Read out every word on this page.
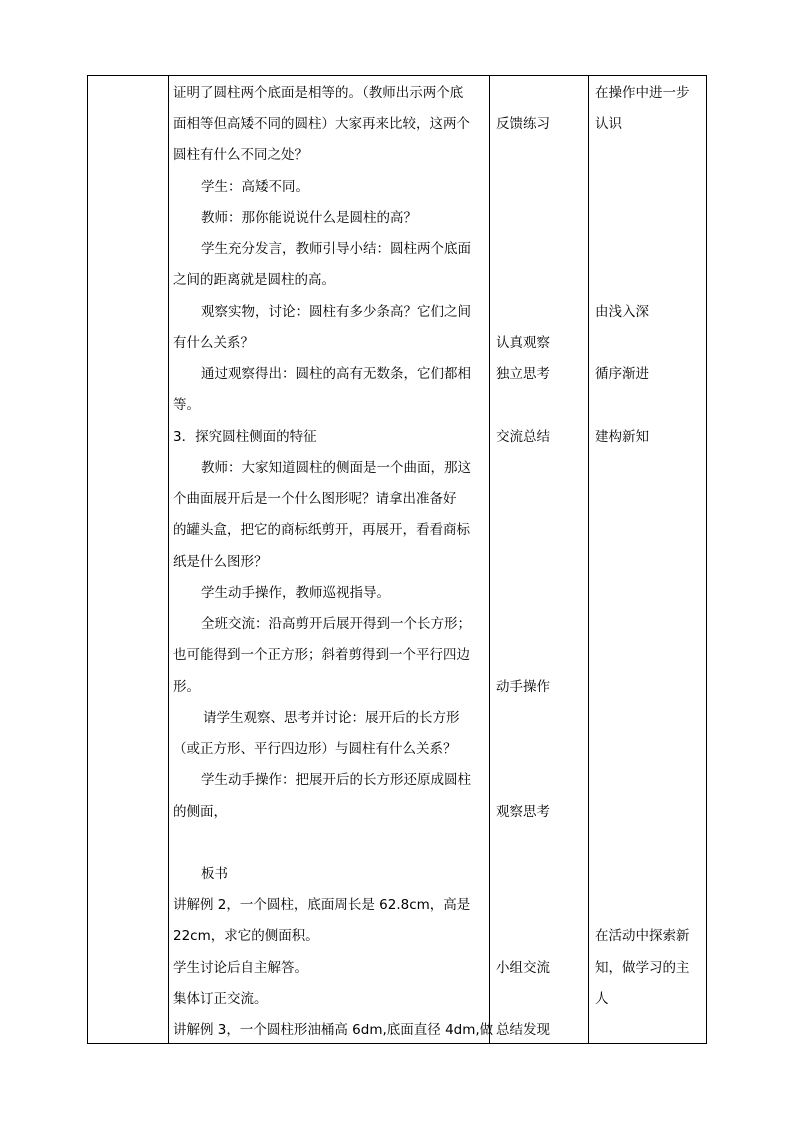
证明了圆柱两个底面是相等的。（教师出示两个底
面相等但高矮不同的圆柱）大家再来比较，这两个
圆柱有什么不同之处？
学生：高矮不同。
教师：那你能说说什么是圆柱的高？
学生充分发言，教师引导小结：圆柱两个底面
之间的距离就是圆柱的高。
观察实物，讨论：圆柱有多少条高？它们之间
有什么关系？
通过观察得出：圆柱的高有无数条，它们都相
等。
3．探究圆柱侧面的特征
教师：大家知道圆柱的侧面是一个曲面，那这
个曲面展开后是一个什么图形呢？请拿出准备好
的罐头盒，把它的商标纸剪开，再展开，看看商标
纸是什么图形？
学生动手操作，教师巡视指导。
全班交流：沿高剪开后展开得到一个长方形；
也可能得到一个正方形；斜着剪得到一个平行四边
形。
请学生观察、思考并讨论：展开后的长方形
（或正方形、平行四边形）与圆柱有什么关系？
学生动手操作：把展开后的长方形还原成圆柱
的侧面，
板书
讲解例 2，一个圆柱，底面周长是 62.8cm，高是
22cm，求它的侧面积。
学生讨论后自主解答。
集体订正交流。
讲解例 3，一个圆柱形油桶高 6dm,底面直径 4dm,做
反馈练习
认真观察
独立思考
交流总结
动手操作
观察思考
小组交流
总结发现
在操作中进一步
认识
由浅入深
循序渐进
建构新知
在活动中探索新
知，做学习的主
人
